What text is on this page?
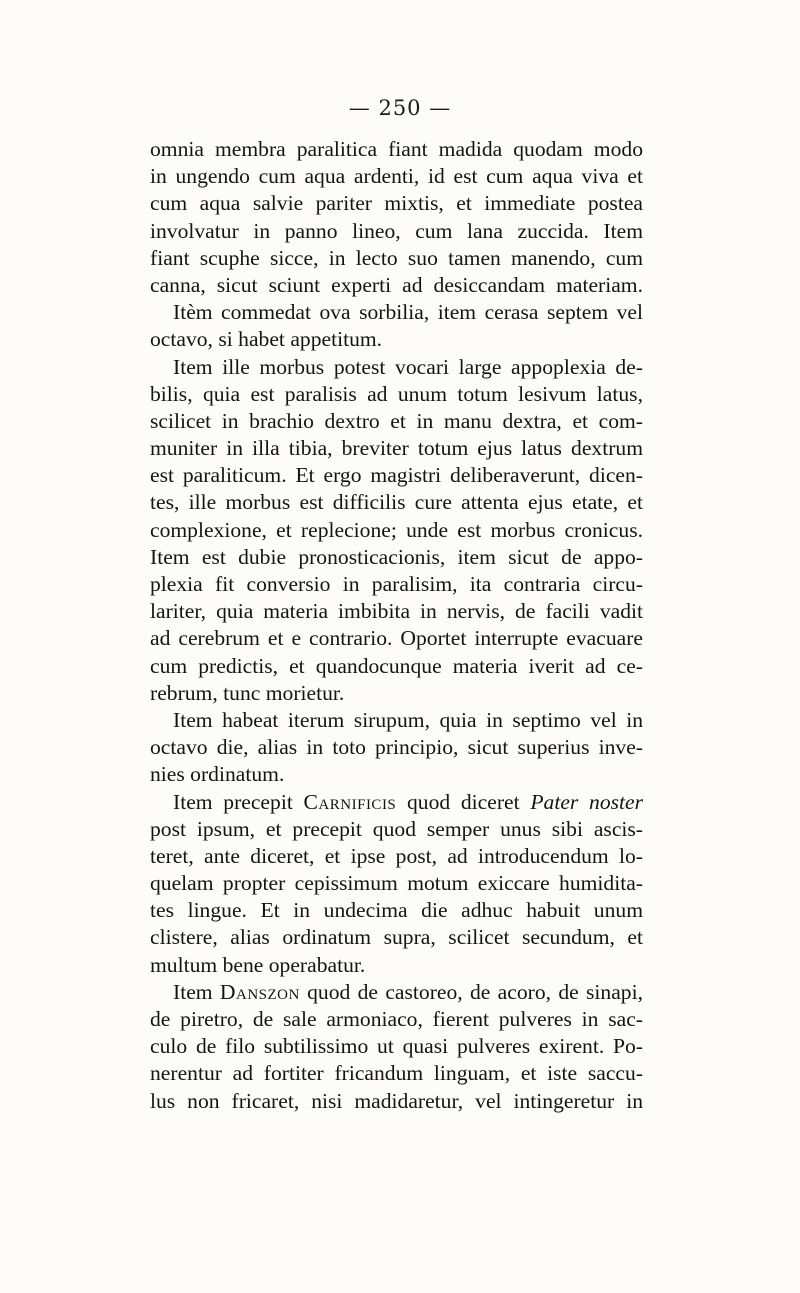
— 250 —
omnia membra paralitica fiant madida quodam modo
in ungendo cum aqua ardenti, id est cum aqua viva et
cum aqua salvie pariter mixtis, et immediate postea
involvatur in panno lineo, cum lana zuccida. Item
fiant scuphe sicce, in lecto suo tamen manendo, cum
canna, sicut sciunt experti ad desiccandam materiam.
Itèm commedat ova sorbilia, item cerasa septem vel
octavo, si habet appetitum.
Item ille morbus potest vocari large appoplexia de-
bilis, quia est paralisis ad unum totum lesivum latus,
scilicet in brachio dextro et in manu dextra, et com-
muniter in illa tibia, breviter totum ejus latus dextrum
est paraliticum. Et ergo magistri deliberaverunt, dicen-
tes, ille morbus est difficilis cure attenta ejus etate, et
complexione, et replecione; unde est morbus cronicus.
Item est dubie pronosticacionis, item sicut de appo-
plexia fit conversio in paralisim, ita contraria circu-
lariter, quia materia imbibita in nervis, de facili vadit
ad cerebrum et e contrario. Oportet interrupte evacuare
cum predictis, et quandocunque materia iverit ad ce-
rebrum, tunc morietur.
Item habeat iterum sirupum, quia in septimo vel in
octavo die, alias in toto principio, sicut superius inve-
nies ordinatum.
Item precepit Carnificis quod diceret Pater noster
post ipsum, et precepit quod semper unus sibi ascis-
teret, ante diceret, et ipse post, ad introducendum lo-
quelam propter cepissimum motum exiccare humidita-
tes lingue. Et in undecima die adhuc habuit unum
clistere, alias ordinatum supra, scilicet secundum, et
multum bene operabatur.
Item Danszon quod de castoreo, de acoro, de sinapi,
de piretro, de sale armoniaco, fierent pulveres in sac-
culo de filo subtilissimo ut quasi pulveres exirent. Po-
nerentur ad fortiter fricandum linguam, et iste saccu-
lus non fricaret, nisi madidaretur, vel intingeretur in
